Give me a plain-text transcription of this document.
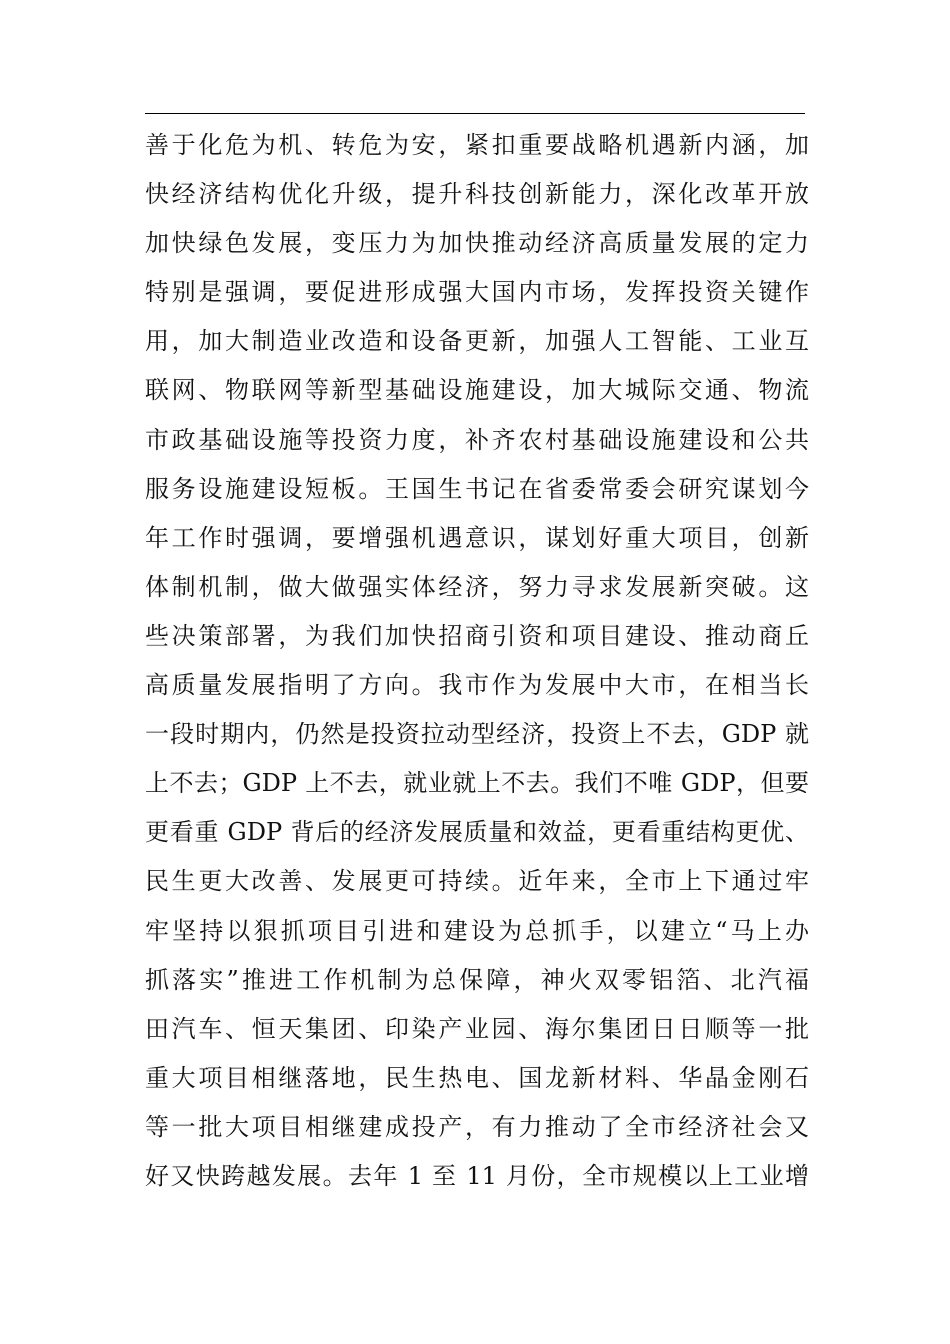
善于化危为机、转危为安，紧扣重要战略机遇新内涵，加
快经济结构优化升级，提升科技创新能力，深化改革开放
加快绿色发展，变压力为加快推动经济高质量发展的定力
特别是强调，要促进形成强大国内市场，发挥投资关键作
用，加大制造业改造和设备更新，加强人工智能、工业互
联网、物联网等新型基础设施建设，加大城际交通、物流
市政基础设施等投资力度，补齐农村基础设施建设和公共
服务设施建设短板。王国生书记在省委常委会研究谋划今
年工作时强调，要增强机遇意识，谋划好重大项目，创新
体制机制，做大做强实体经济，努力寻求发展新突破。这
些决策部署，为我们加快招商引资和项目建设、推动商丘
高质量发展指明了方向。我市作为发展中大市，在相当长
一段时期内，仍然是投资拉动型经济，投资上不去，GDP 就
上不去；GDP 上不去，就业就上不去。我们不唯 GDP，但要
更看重 GDP 背后的经济发展质量和效益，更看重结构更优、
民生更大改善、发展更可持续。近年来，全市上下通过牢
牢坚持以狠抓项目引进和建设为总抓手，以建立“马上办
抓落实”推进工作机制为总保障，神火双零铝箔、北汽福
田汽车、恒天集团、印染产业园、海尔集团日日顺等一批
重大项目相继落地，民生热电、国龙新材料、华晶金刚石
等一批大项目相继建成投产，有力推动了全市经济社会又
好又快跨越发展。去年 1 至 11 月份，全市规模以上工业增
